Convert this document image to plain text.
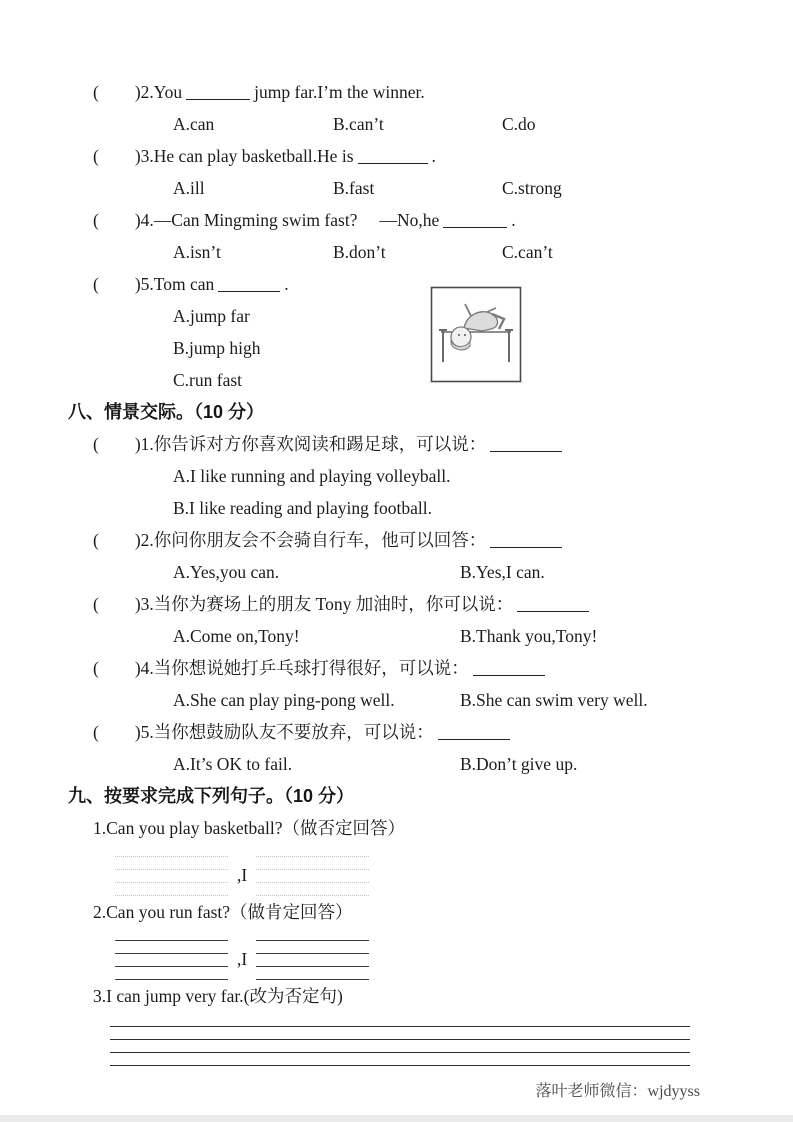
( )2.You	jump far.I’m the winner.
A.can	B.can’t	C.do
( )3.He can play basketball.He is	.
A.ill	B.fast	C.strong
( )4.—Can Mingming swim fast? —No,he	.
A.isn’t	B.don’t	C.can’t
( )5.Tom can	.
A.jump far
B.jump high
C.run fast
八、情景交际。（10 分）
( )1.你告诉对方你喜欢阅读和踢足球，可以说：
A.I like running and playing volleyball.
B.I like reading and playing football.
( )2.你问你朋友会不会骑自行车，他可以回答：
A.Yes,you can.	B.Yes,I can.
( )3.当你为赛场上的朋友 Tony 加油时，你可以说：
A.Come on,Tony!	B.Thank you,Tony!
( )4.当你想说她打乒乓球打得很好，可以说：
A.She can play ping-pong well.	B.She can swim very well.
( )5.当你想鼓励队友不要放弃，可以说：
A.It’s OK to fail.	B.Don’t give up.
九、按要求完成下列句子。（10 分）
1.Can you play basketball?（做否定回答）
,I
2.Can you run fast?（做肯定回答）
,I
3.I can jump very far.(改为否定句)
落叶老师微信：wjdyyss
